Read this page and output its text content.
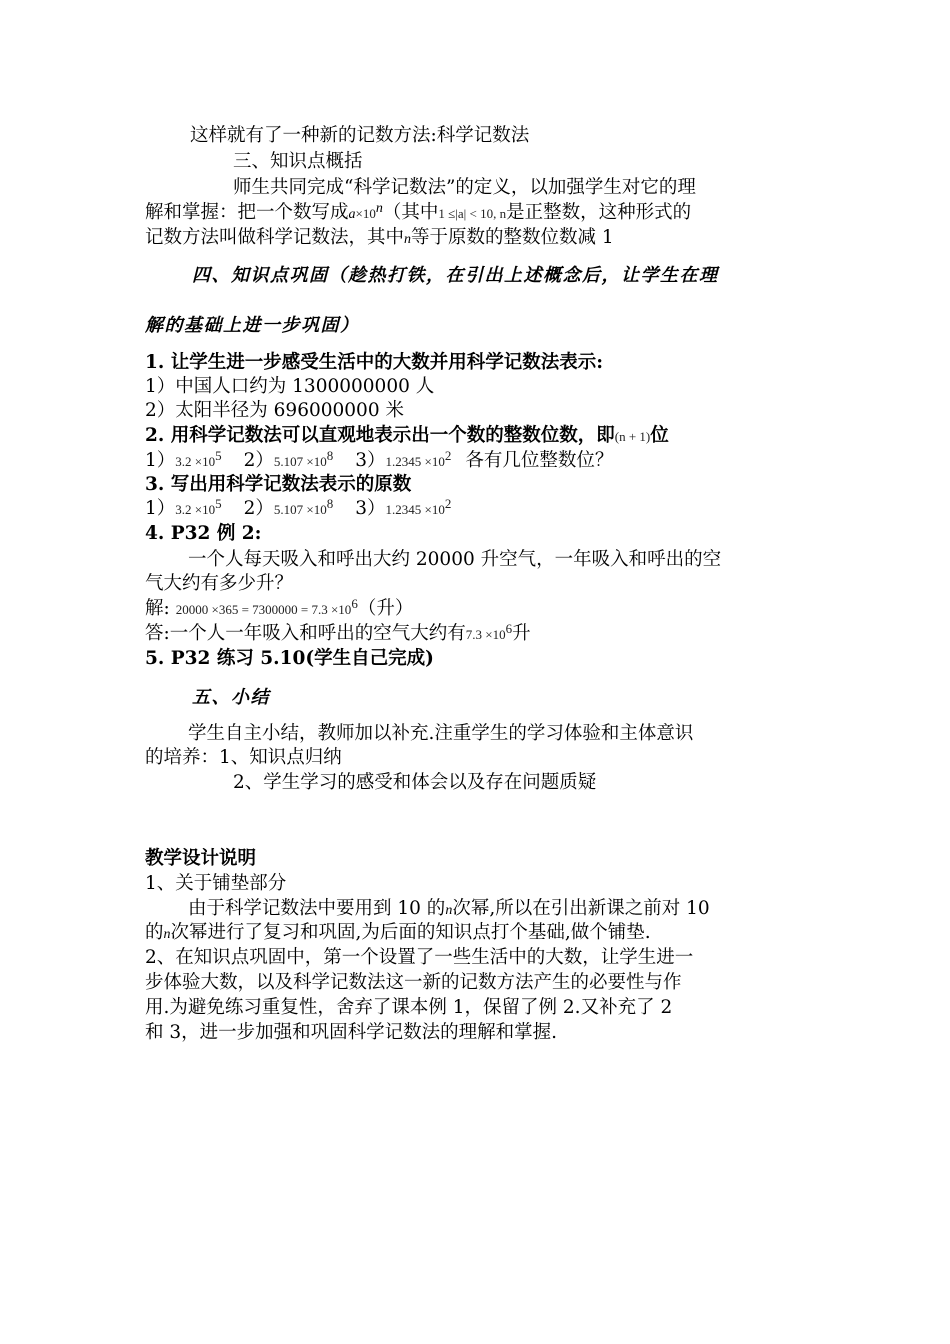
这样就有了一种新的记数方法:科学记数法
三、知识点概括
师生共同完成“科学记数法”的定义，以加强学生对它的理
解和掌握：把一个数写成$a\times 10^n$（其中1 ≤|a| < 10, n是正整数，这种形式的
记数方法叫做科学记数法，其中n等于原数的整数位数减 1
四、知识点巩固（趁热打铁，在引出上述概念后，让学生在理
解的基础上进一步巩固）
1. 让学生进一步感受生活中的大数并用科学记数法表示:
1）中国人口约为 1300000000 人
2）太阳半径为 696000000 米
2. 用科学记数法可以直观地表示出一个数的整数位数，即(n + 1)位
$1)3.2 \times 10^5$ $2)5.107 \times 10^8$ $3)1.2345 \times 10^2$ 各有几位整数位？
3. 写出用科学记数法表示的原数
$1)3.2 \times 10^5$ $2)5.107 \times 10^8$ $3)1.2345 \times 10^2$
4. P32 例 2:
一个人每天吸入和呼出大约 20000 升空气，一年吸入和呼出的空
气大约有多少升？
解: $20000 \times 365 = 7300000 = 7.3 \times 10^6$（升）
答:一个人一年吸入和呼出的空气大约有$7.3 \times 10^6$升
5. P32 练习 5.10(学生自己完成)
五、小结
学生自主小结，教师加以补充.注重学生的学习体验和主体意识
的培养：1、知识点归纳
2、学生学习的感受和体会以及存在问题质疑
教学设计说明
1、关于铺垫部分
由于科学记数法中要用到 10 的n次幂,所以在引出新课之前对 10
的n次幂进行了复习和巩固,为后面的知识点打个基础,做个铺垫.
2、在知识点巩固中，第一个设置了一些生活中的大数，让学生进一
步体验大数，以及科学记数法这一新的记数方法产生的必要性与作
用.为避免练习重复性，舍弃了课本例 1，保留了例 2.又补充了 2
和 3，进一步加强和巩固科学记数法的理解和掌握.
